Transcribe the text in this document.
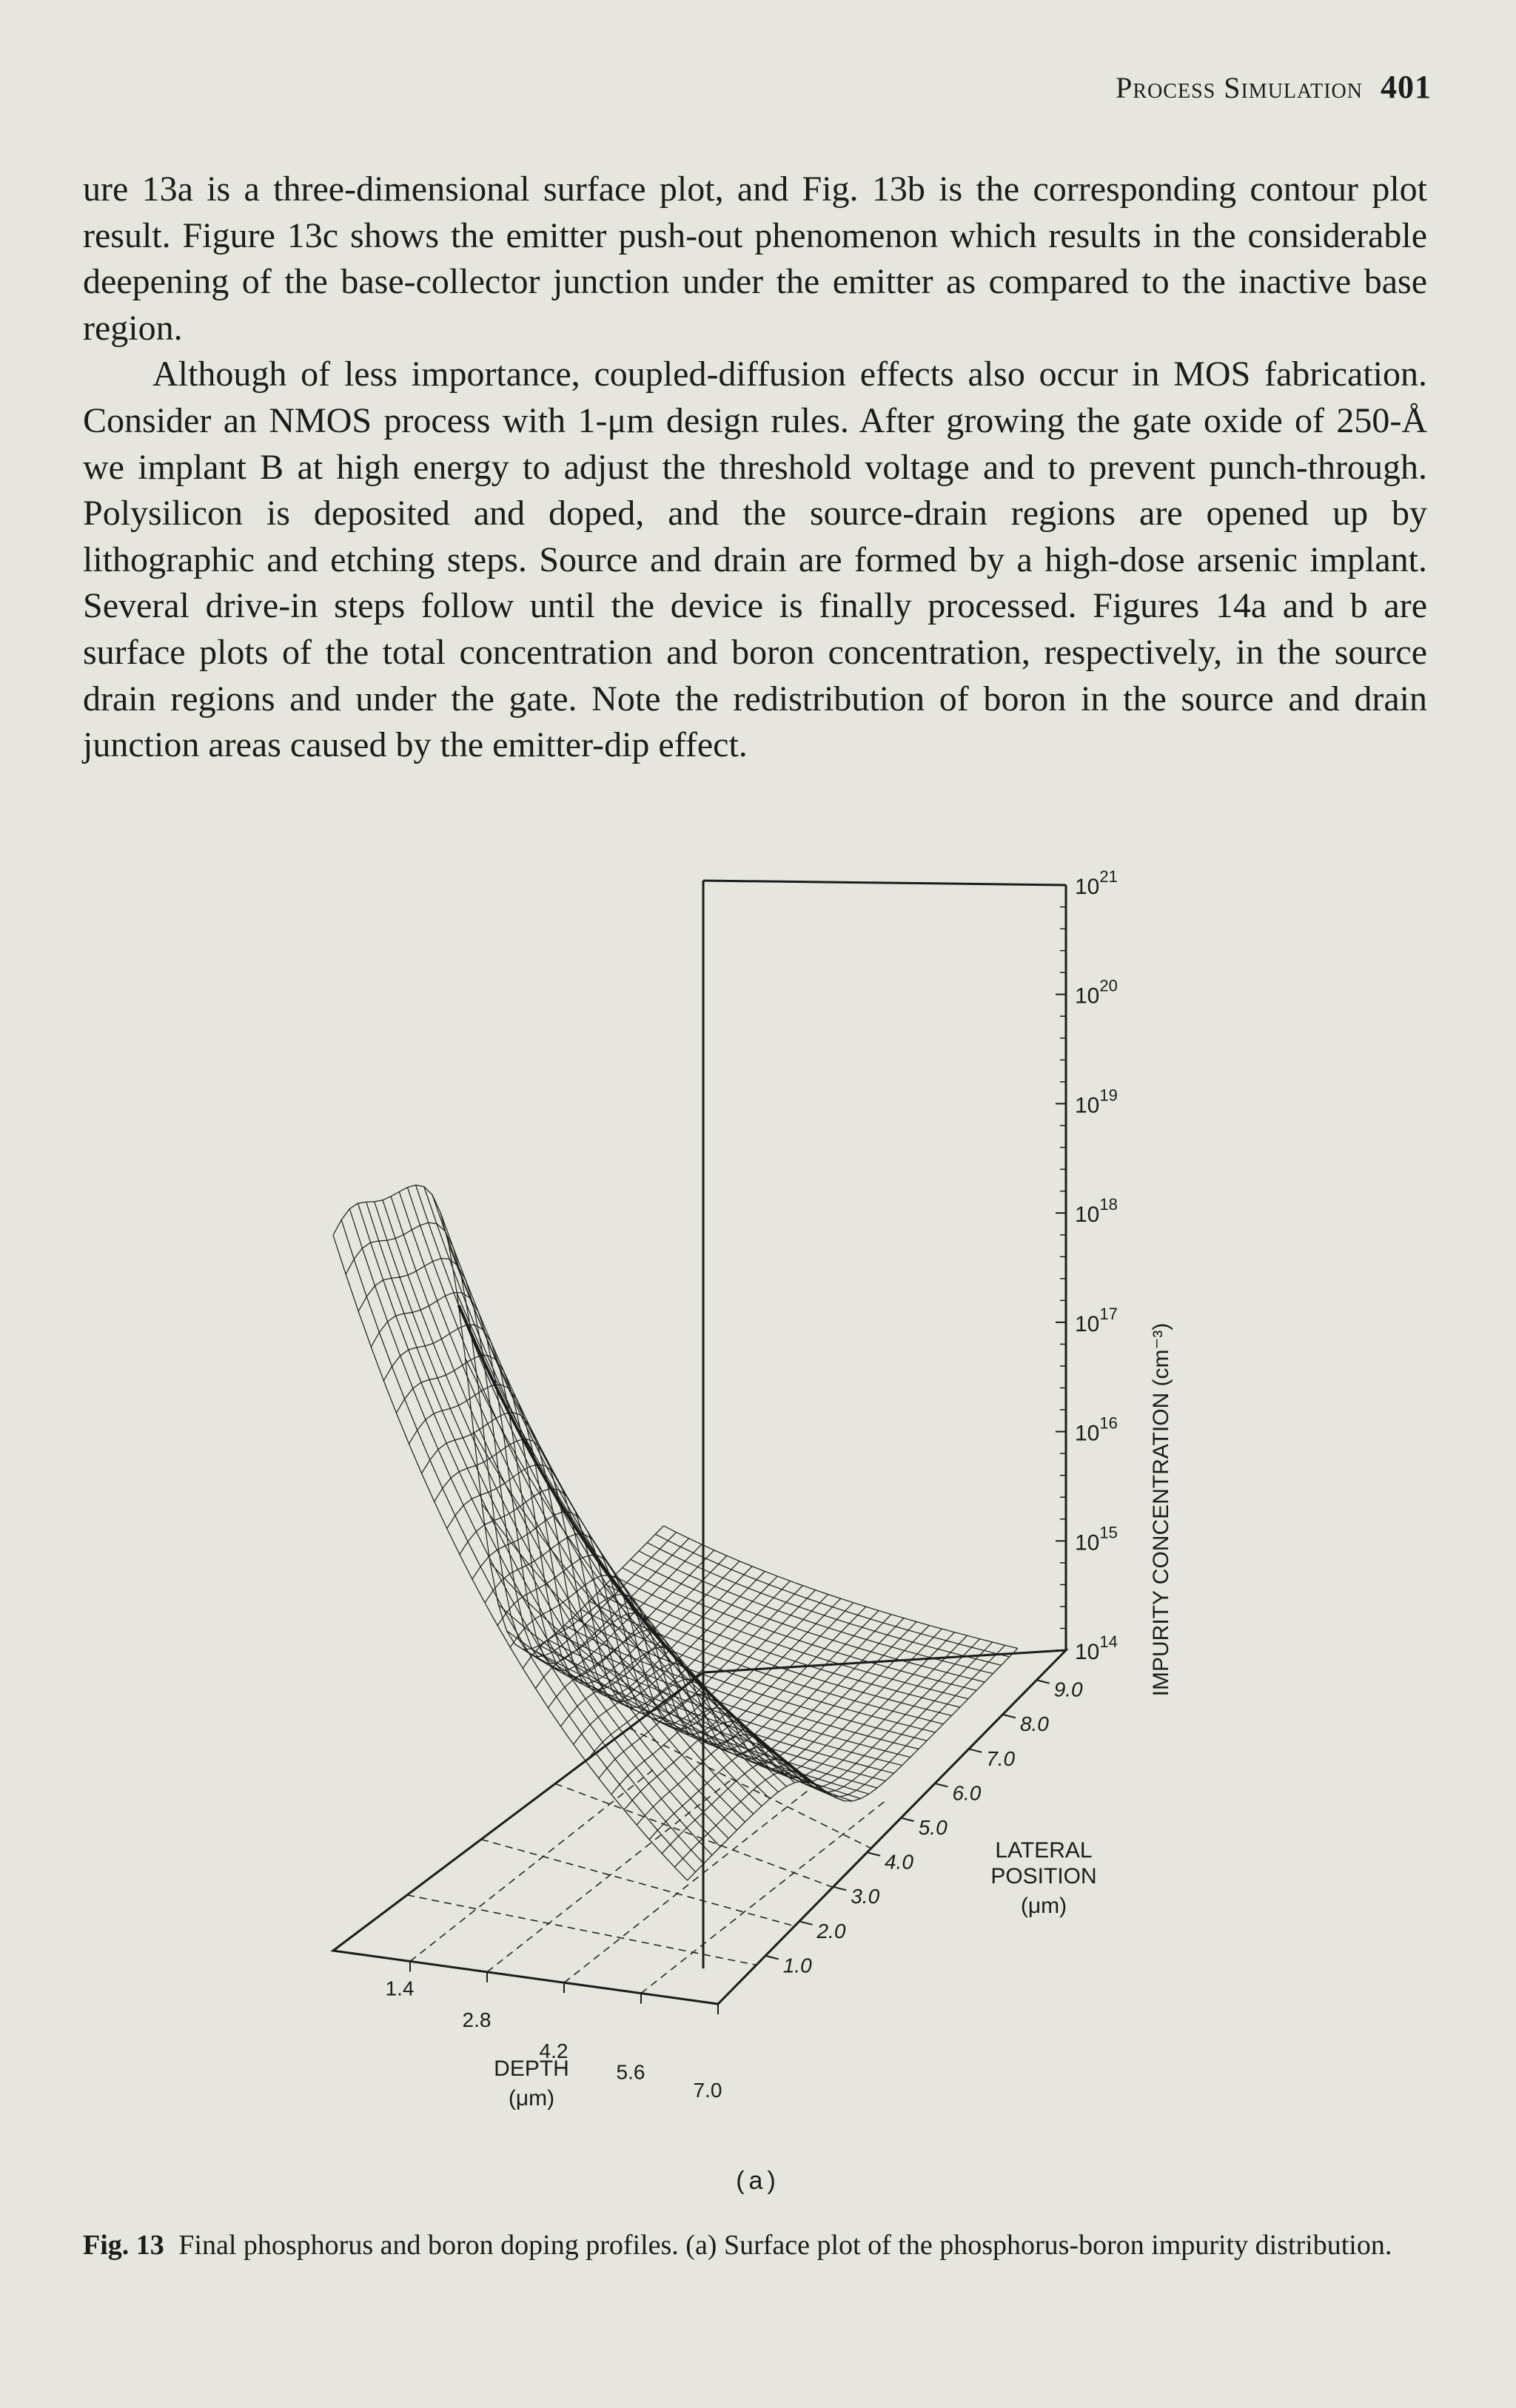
Process Simulation 401

ure 13a is a three-dimensional surface plot, and Fig. 13b is the corresponding contour plot result. Figure 13c shows the emitter push-out phenomenon which results in the considerable deepening of the base-collector junction under the emitter as compared to the inactive base region.

Although of less importance, coupled-diffusion effects also occur in MOS fabrication. Consider an NMOS process with 1-μm design rules. After growing the gate oxide of 250-Å we implant B at high energy to adjust the threshold voltage and to prevent punch-through. Polysilicon is deposited and doped, and the source-drain regions are opened up by lithographic and etching steps. Source and drain are formed by a high-dose arsenic implant. Several drive-in steps follow until the device is finally processed. Figures 14a and b are surface plots of the total concentration and boron concentration, respectively, in the source drain regions and under the gate. Note the redistribution of boron in the source and drain junction areas caused by the emitter-dip effect.

$10^{14}$
$10^{15}$
$10^{16}$
$10^{17}$
$10^{18}$
$10^{19}$
$10^{20}$
$10^{21}$
1.0
2.0
3.0
4.0
5.0
6.0
7.0
8.0
9.0
1.4
2.8
4.2
5.6
7.0
IMPURITY CONCENTRATION (cm⁻³)
LATERAL
POSITION
(μm)
DEPTH
(μm)
(a)
Fig. 13 Final phosphorus and boron doping profiles. (a) Surface plot of the phosphorus-boron impurity distribution.
